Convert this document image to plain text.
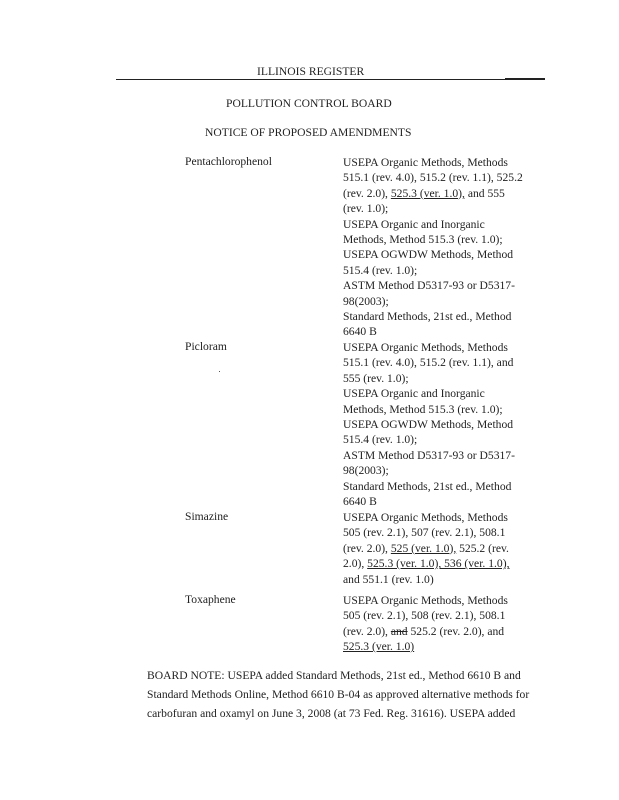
ILLINOIS REGISTER
POLLUTION CONTROL BOARD
NOTICE OF PROPOSED AMENDMENTS
Pentachlorophenol	USEPA Organic Methods, Methods
515.1 (rev. 4.0), 515.2 (rev. 1.1), 525.2
(rev. 2.0), 525.3 (ver. 1.0), and 555
(rev. 1.0);
USEPA Organic and Inorganic
Methods, Method 515.3 (rev. 1.0);
USEPA OGWDW Methods, Method
515.4 (rev. 1.0);
ASTM Method D5317-93 or D5317-
98(2003);
Standard Methods, 21st ed., Method
6640 B
Picloram	USEPA Organic Methods, Methods
515.1 (rev. 4.0), 515.2 (rev. 1.1), and
555 (rev. 1.0);
USEPA Organic and Inorganic
Methods, Method 515.3 (rev. 1.0);
USEPA OGWDW Methods, Method
515.4 (rev. 1.0);
ASTM Method D5317-93 or D5317-
98(2003);
Standard Methods, 21st ed., Method
6640 B
Simazine	USEPA Organic Methods, Methods
505 (rev. 2.1), 507 (rev. 2.1), 508.1
(rev. 2.0), 525 (ver. 1.0), 525.2 (rev.
2.0), 525.3 (ver. 1.0), 536 (ver. 1.0),
and 551.1 (rev. 1.0)
Toxaphene	USEPA Organic Methods, Methods
505 (rev. 2.1), 508 (rev. 2.1), 508.1
(rev. 2.0), and 525.2 (rev. 2.0), and
525.3 (ver. 1.0)
BOARD NOTE: USEPA added Standard Methods, 21st ed., Method 6610 B and
Standard Methods Online, Method 6610 B-04 as approved alternative methods for
carbofuran and oxamyl on June 3, 2008 (at 73 Fed. Reg. 31616). USEPA added
